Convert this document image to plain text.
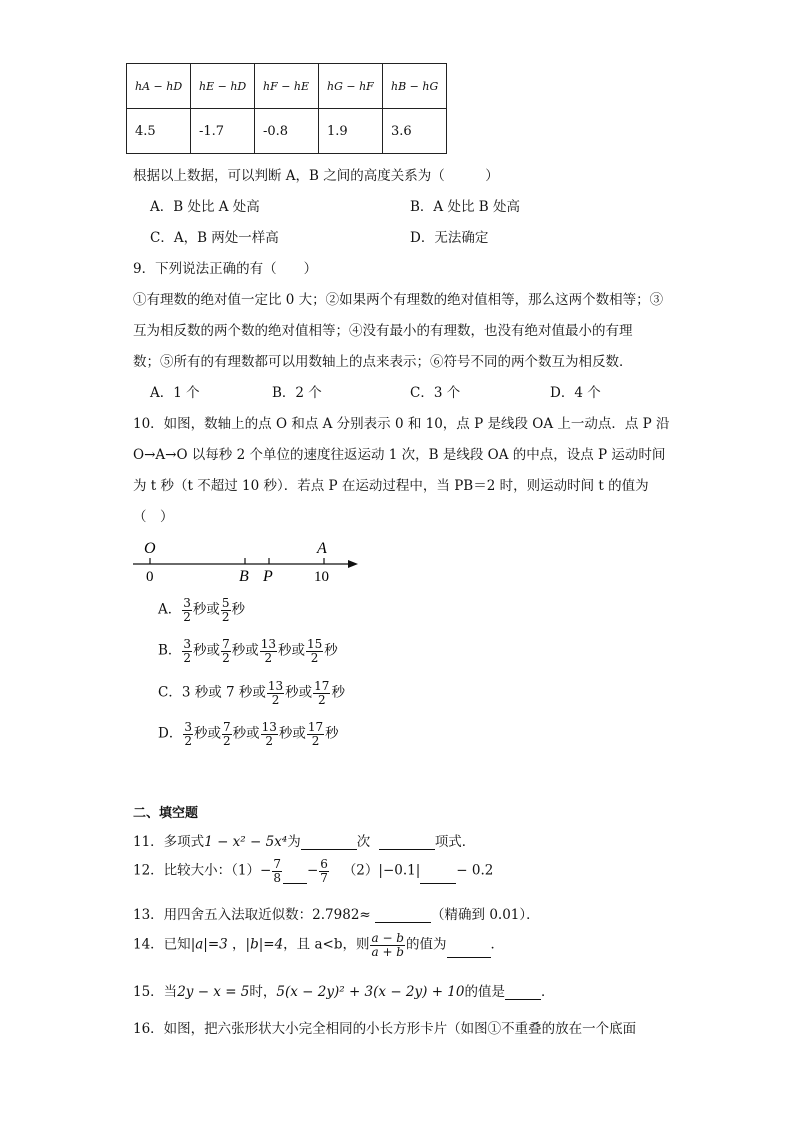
hA − hD	hE − hD	hF − hE	hG − hF	hB − hG
4.5	-1.7	-0.8	1.9	3.6
根据以上数据，可以判断 A，B 之间的高度关系为（　　　）
A．B 处比 A 处高	B．A 处比 B 处高
C．A，B 两处一样高	D．无法确定
9．下列说法正确的有（　　）
①有理数的绝对值一定比 0 大；②如果两个有理数的绝对值相等，那么这两个数相等；③
互为相反数的两个数的绝对值相等；④没有最小的有理数，也没有绝对值最小的有理
数；⑤所有的有理数都可以用数轴上的点来表示；⑥符号不同的两个数互为相反数．
A．1 个	B．2 个	C．3 个	D．4 个
10．如图，数轴上的点 O 和点 A 分别表示 0 和 10，点 P 是线段 OA 上一动点．点 P 沿
O→A→O 以每秒 2 个单位的速度往返运动 1 次，B 是线段 OA 的中点，设点 P 运动时间
为 t 秒（t 不超过 10 秒）．若点 P 在运动过程中，当 PB＝2 时，则运动时间 t 的值为
（　）
O	A
0	B P	10
A． $\frac{3}{2}$ 秒或 $\frac{5}{2}$ 秒
B． $\frac{3}{2}$ 秒或 $\frac{7}{2}$ 秒或 $\frac{13}{2}$ 秒或 $\frac{15}{2}$ 秒
C．3 秒或 7 秒或 $\frac{13}{2}$ 秒或 $\frac{17}{2}$ 秒
D． $\frac{3}{2}$ 秒或 $\frac{7}{2}$ 秒或 $\frac{13}{2}$ 秒或 $\frac{17}{2}$ 秒
二、填空题
11．多项式1 − x² − 5x⁴为	次	项式．
12．比较大小：$(1)- \frac{7}{8} - \frac{6}{7} (2)|-0.1|$	− 0.2
13．用四舍五入法取近似数：2.7982≈	（精确到 0.01）．
14．已知|a|=3 ，|b|=4，且 a<b，则 $\frac{a - b}{a + b}$ 的值为	．
15．当2y − x = 5时，5(x − 2y)² + 3(x − 2y) + 10的值是	．
16．如图，把六张形状大小完全相同的小长方形卡片（如图①不重叠的放在一个底面
